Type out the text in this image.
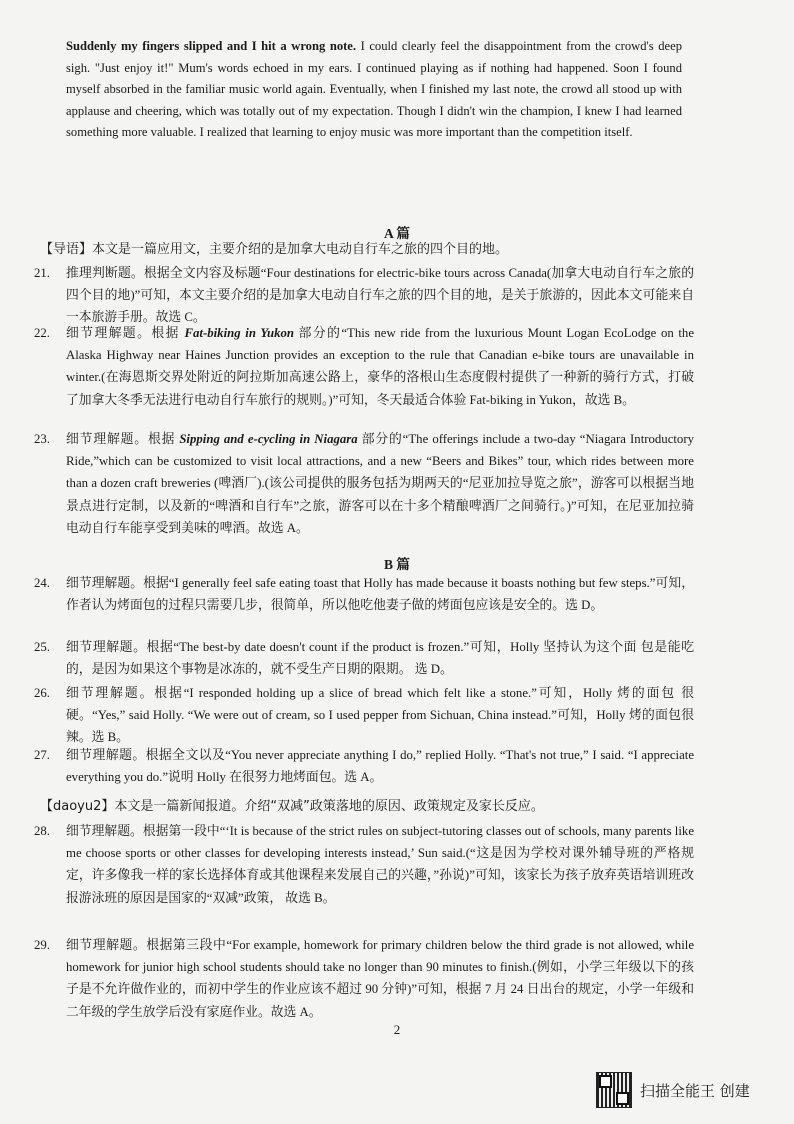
Suddenly my fingers slipped and I hit a wrong note. I could clearly feel the disappointment from the crowd's deep sigh. "Just enjoy it!" Mum's words echoed in my ears. I continued playing as if nothing had happened. Soon I found myself absorbed in the familiar music world again. Eventually, when I finished my last note, the crowd all stood up with applause and cheering, which was totally out of my expectation. Though I didn't win the champion, I knew I had learned something more valuable. I realized that learning to enjoy music was more important than the competition itself.

A 篇

【导语】本文是一篇应用文，主要介绍的是加拿大电动自行车之旅的四个目的地。

21.	推理判断题。根据全文内容及标题“Four destinations for electric-bike tours across Canada(加拿大电动自行车之旅的四个目的地)”可知，本文主要介绍的是加拿大电动自行车之旅的四个目的地，是关于旅游的，因此本文可能来自一本旅游手册。故选 C。
22.	细节理解题。根据 Fat-biking in Yukon 部分的“This new ride from the luxurious Mount Logan EcoLodge on the Alaska Highway near Haines Junction provides an exception to the rule that Canadian e-bike tours are unavailable in winter.(在海恩斯交界处附近的阿拉斯加高速公路上，豪华的洛根山生态度假村提供了一种新的骑行方式，打破了加拿大冬季无法进行电动自行车旅行的规则。)”可知，冬天最适合体验 Fat-biking in Yukon，故选 B。
23.	细节理解题。根据 Sipping and e-cycling in Niagara 部分的“The offerings include a two-day “Niagara Introductory Ride,”which can be customized to visit local attractions, and a new “Beers and Bikes” tour, which rides between more than a dozen craft breweries (啤酒厂).(该公司提供的服务包括为期两天的“尼亚加拉导览之旅”，游客可以根据当地景点进行定制，以及新的“啤酒和自行车”之旅，游客可以在十多个精酿啤酒厂之间骑行。)”可知，在尼亚加拉骑电动自行车能享受到美味的啤酒。故选 A。

B 篇

24.	细节理解题。根据“I generally feel safe eating toast that Holly has made because it boasts nothing but few steps.”可知，作者认为烤面包的过程只需要几步，很简单，所以他吃他妻子做的烤面包应该是安全的。选 D。
25.	细节理解题。根据“The best-by date doesn't count if the product is frozen.”可知，Holly 坚持认为这个面 包是能吃的，是因为如果这个事物是冰冻的，就不受生产日期的限期。 选 D。
26.	细节理解题。根据“I responded holding up a slice of bread which felt like a stone.”可知，Holly 烤的面包 很硬。“Yes,” said Holly. “We were out of cream, so I used pepper from Sichuan, China instead.”可知，Holly 烤的面包很辣。选 B。
27.	细节理解题。根据全文以及“You never appreciate anything I do,” replied Holly. “That's not true,” I said. “I appreciate everything you do.”说明 Holly 在很努力地烤面包。选 A。

【daoyu2】本文是一篇新闻报道。介绍“双减”政策落地的原因、政策规定及家长反应。

28.	细节理解题。根据第一段中“‘It is because of the strict rules on subject-tutoring classes out of schools, many parents like me choose sports or other classes for developing interests instead,’ Sun said.(“这是因为学校对课外辅导班的严格规定，许多像我一样的家长选择体育或其他课程来发展自己的兴趣，”孙说)”可知，该家长为孩子放弃英语培训班改报游泳班的原因是国家的“双减”政策， 故选 B。
29.	细节理解题。根据第三段中“For example, homework for primary children below the third grade is not allowed, while homework for junior high school students should take no longer than 90 minutes to finish.(例如，小学三年级以下的孩子是不允许做作业的，而初中学生的作业应该不超过 90 分钟)”可知，根据 7 月 24 日出台的规定，小学一年级和二年级的学生放学后没有家庭作业。故选 A。
2
扫描全能王 创建
